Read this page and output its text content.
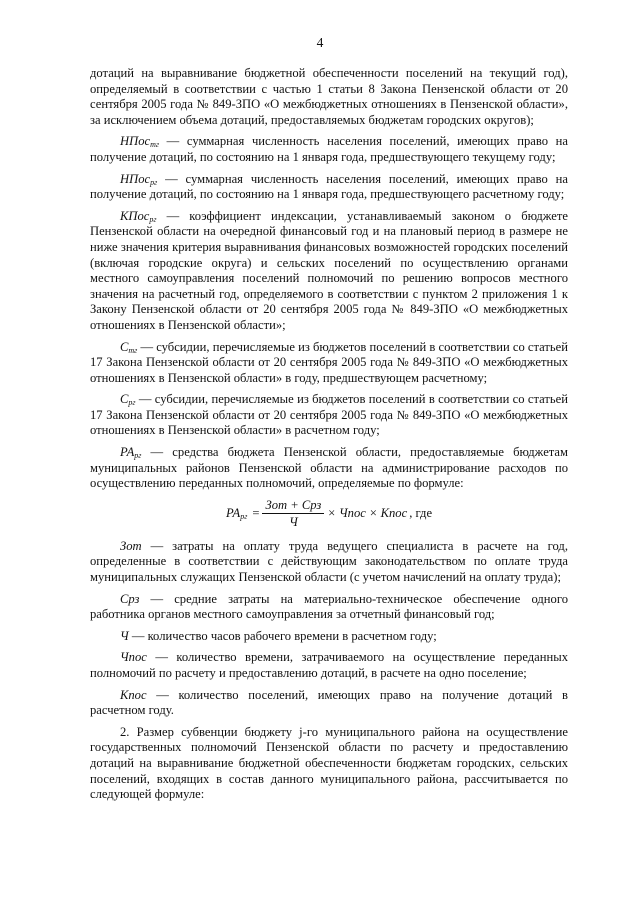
4

дотаций на выравнивание бюджетной обеспеченности поселений на текущий год), определяемый в соответствии с частью 1 статьи 8 Закона Пензенской области от 20 сентября 2005 года № 849-ЗПО «О межбюджетных отношениях в Пензенской области», за исключением объема дотаций, предоставляемых бюджетам городских округов);

НПос$_{тг}$ — суммарная численность населения поселений, имеющих право на получение дотаций, по состоянию на 1 января года, предшествующего текущему году;

НПос$_{рг}$ — суммарная численность населения поселений, имеющих право на получение дотаций, по состоянию на 1 января года, предшествующего расчетному году;

КПос$_{рг}$ — коэффициент индексации, устанавливаемый законом о бюджете Пензенской области на очередной финансовый год и на плановый период в размере не ниже значения критерия выравнивания финансовых возможностей городских поселений (включая городские округа) и сельских поселений по осуществлению органами местного самоуправления поселений полномочий по решению вопросов местного значения на расчетный год, определяемого в соответствии с пунктом 2 приложения 1 к Закону Пензенской области от 20 сентября 2005 года № 849-ЗПО «О межбюджетных отношениях в Пензенской области»;

$С_{тг}$ — субсидии, перечисляемые из бюджетов поселений в соответствии со статьей 17 Закона Пензенской области от 20 сентября 2005 года № 849-ЗПО «О межбюджетных отношениях в Пензенской области» в году, предшествующем расчетному;

$С_{рг}$ — субсидии, перечисляемые из бюджетов поселений в соответствии со статьей 17 Закона Пензенской области от 20 сентября 2005 года № 849-ЗПО «О межбюджетных отношениях в Пензенской области» в расчетном году;

$РА_{рг}$ — средства бюджета Пензенской области, предоставляемые бюджетам муниципальных районов Пензенской области на администрирование расходов по осуществлению переданных полномочий, определяемые по формуле:

$РА_{рг} = \frac{\text{Зот + Срз}}{Ч}$ × Чпос × Кпос , где

Зот — затраты на оплату труда ведущего специалиста в расчете на год, определенные в соответствии с действующим законодательством по оплате труда муниципальных служащих Пензенской области (с учетом начислений на оплату труда);

Срз — средние затраты на материально-техническое обеспечение одного работника органов местного самоуправления за отчетный финансовый год;

Ч — количество часов рабочего времени в расчетном году;

Чпос — количество времени, затрачиваемого на осуществление переданных полномочий по расчету и предоставлению дотаций, в расчете на одно поселение;

Кпос — количество поселений, имеющих право на получение дотаций в расчетном году.

2. Размер субвенции бюджету j-го муниципального района на осуществление государственных полномочий Пензенской области по расчету и предоставлению дотаций на выравнивание бюджетной обеспеченности бюджетам городских, сельских поселений, входящих в состав данного муниципального района, рассчитывается по следующей формуле:
